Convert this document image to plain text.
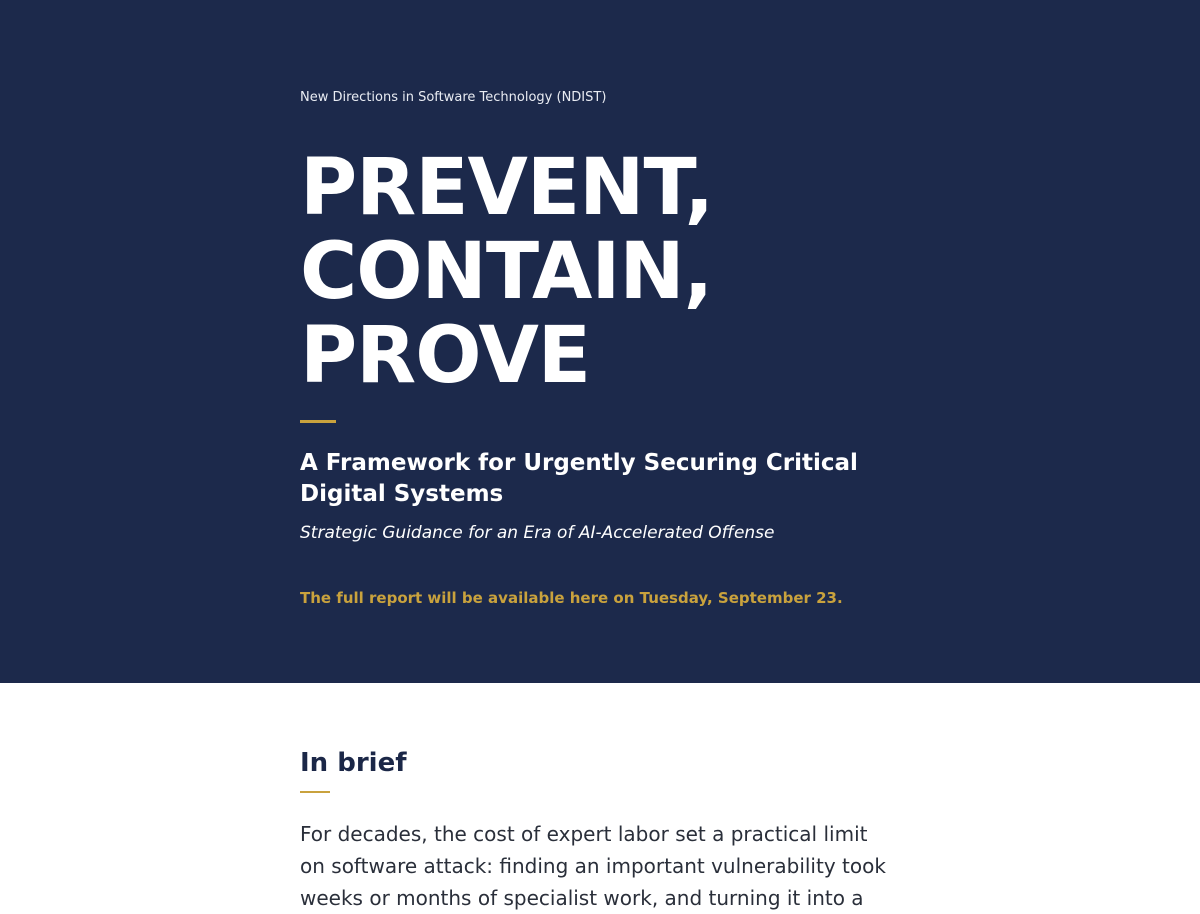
New Directions in Software Technology (NDIST)
PREVENT,
CONTAIN,
PROVE
A Framework for Urgently Securing Critical Digital Systems
Strategic Guidance for an Era of AI-Accelerated Offense
The full report will be available here on Tuesday, September 23.
In brief

For decades, the cost of expert labor set a practical limit on software attack: finding an important vulnerability took weeks or months of specialist work, and turning it into a
